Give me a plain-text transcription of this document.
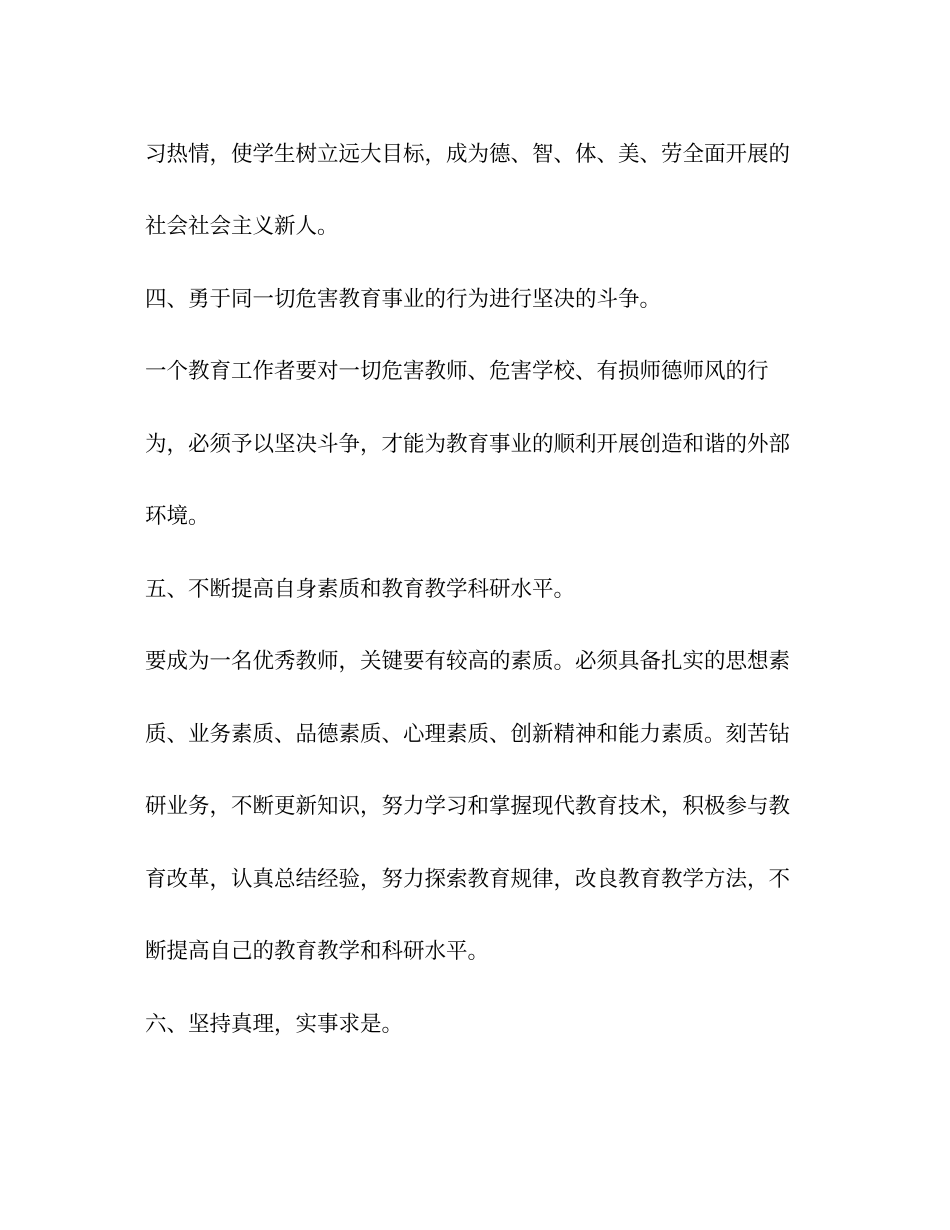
习热情，使学生树立远大目标，成为德、智、体、美、劳全面开展的
社会社会主义新人。
四、勇于同一切危害教育事业的行为进行坚决的斗争。
一个教育工作者要对一切危害教师、危害学校、有损师德师风的行
为，必须予以坚决斗争，才能为教育事业的顺利开展创造和谐的外部
环境。
五、不断提高自身素质和教育教学科研水平。
要成为一名优秀教师，关键要有较高的素质。必须具备扎实的思想素
质、业务素质、品德素质、心理素质、创新精神和能力素质。刻苦钻
研业务，不断更新知识，努力学习和掌握现代教育技术，积极参与教
育改革，认真总结经验，努力探索教育规律，改良教育教学方法，不
断提高自己的教育教学和科研水平。
六、坚持真理，实事求是。
